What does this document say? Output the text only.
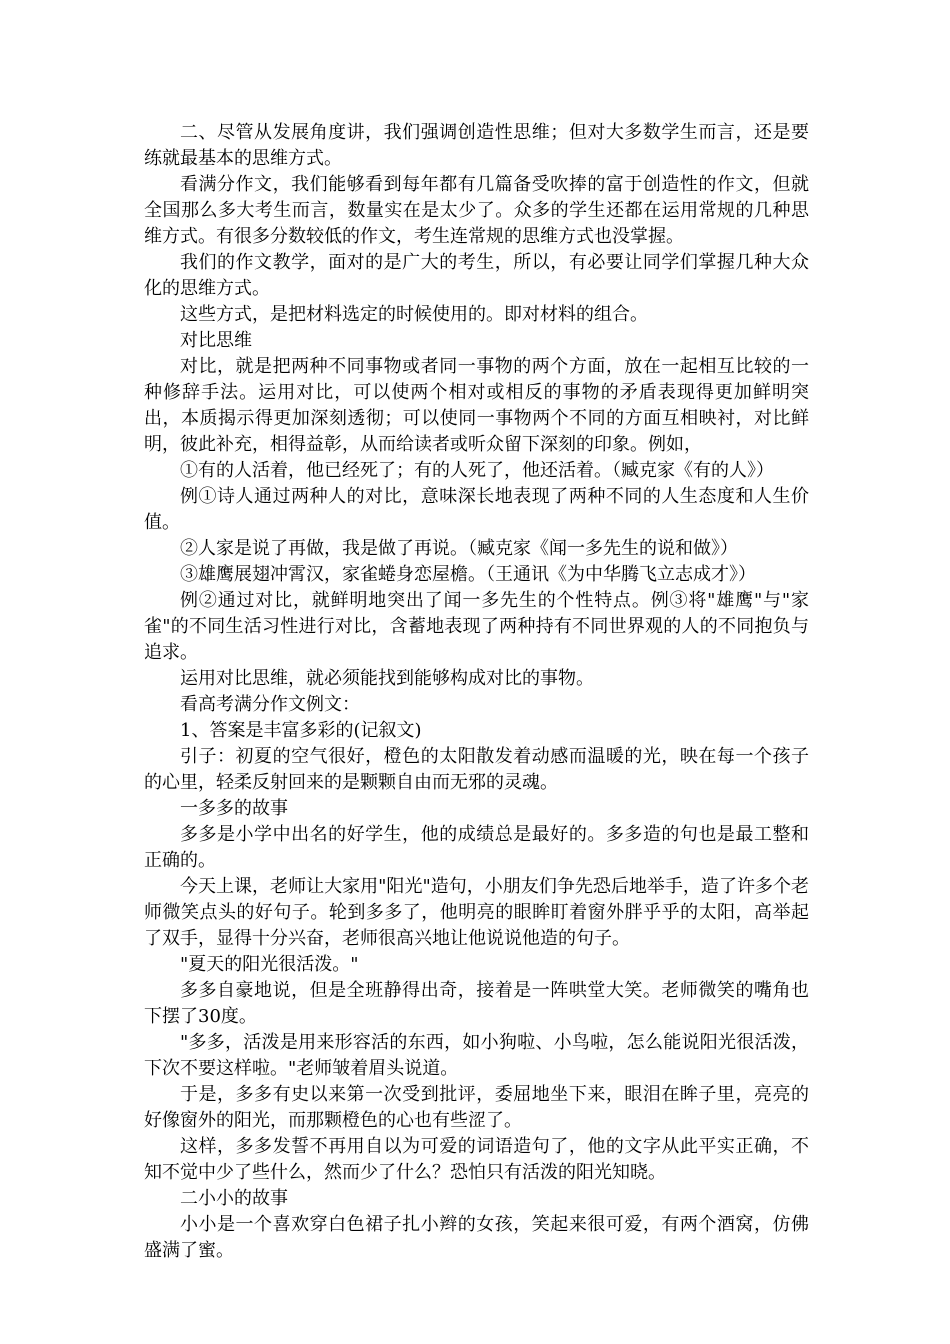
二、尽管从发展角度讲，我们强调创造性思维；但对大多数学生而言，还是要练就最基本的思维方式。

看满分作文，我们能够看到每年都有几篇备受吹捧的富于创造性的作文，但就全国那么多大考生而言，数量实在是太少了。众多的学生还都在运用常规的几种思维方式。有很多分数较低的作文，考生连常规的思维方式也没掌握。

我们的作文教学，面对的是广大的考生，所以，有必要让同学们掌握几种大众化的思维方式。

这些方式，是把材料选定的时候使用的。即对材料的组合。

对比思维

对比，就是把两种不同事物或者同一事物的两个方面，放在一起相互比较的一种修辞手法。运用对比，可以使两个相对或相反的事物的矛盾表现得更加鲜明突出，本质揭示得更加深刻透彻；可以使同一事物两个不同的方面互相映衬，对比鲜明，彼此补充，相得益彰，从而给读者或听众留下深刻的印象。例如，

①有的人活着，他已经死了；有的人死了，他还活着。（臧克家《有的人》）

例①诗人通过两种人的对比，意味深长地表现了两种不同的人生态度和人生价值。

②人家是说了再做，我是做了再说。（臧克家《闻一多先生的说和做》）

③雄鹰展翅冲霄汉，家雀蜷身恋屋檐。（王通讯《为中华腾飞立志成才》）

例②通过对比，就鲜明地突出了闻一多先生的个性特点。例③将"雄鹰"与"家雀"的不同生活习性进行对比，含蓄地表现了两种持有不同世界观的人的不同抱负与追求。

运用对比思维，就必须能找到能够构成对比的事物。

看高考满分作文例文：

1、答案是丰富多彩的(记叙文)

引子：初夏的空气很好，橙色的太阳散发着动感而温暖的光，映在每一个孩子的心里，轻柔反射回来的是颗颗自由而无邪的灵魂。

一多多的故事

多多是小学中出名的好学生，他的成绩总是最好的。多多造的句也是最工整和正确的。

今天上课，老师让大家用"阳光"造句，小朋友们争先恐后地举手，造了许多个老师微笑点头的好句子。轮到多多了，他明亮的眼眸盯着窗外胖乎乎的太阳，高举起了双手，显得十分兴奋，老师很高兴地让他说说他造的句子。

"夏天的阳光很活泼。"

多多自豪地说，但是全班静得出奇，接着是一阵哄堂大笑。老师微笑的嘴角也下摆了30度。

"多多，活泼是用来形容活的东西，如小狗啦、小鸟啦，怎么能说阳光很活泼，下次不要这样啦。"老师皱着眉头说道。

于是，多多有史以来第一次受到批评，委屈地坐下来，眼泪在眸子里，亮亮的好像窗外的阳光，而那颗橙色的心也有些涩了。

这样，多多发誓不再用自以为可爱的词语造句了，他的文字从此平实正确，不知不觉中少了些什么，然而少了什么？恐怕只有活泼的阳光知晓。

二小小的故事

小小是一个喜欢穿白色裙子扎小辫的女孩，笑起来很可爱，有两个酒窝，仿佛盛满了蜜。
